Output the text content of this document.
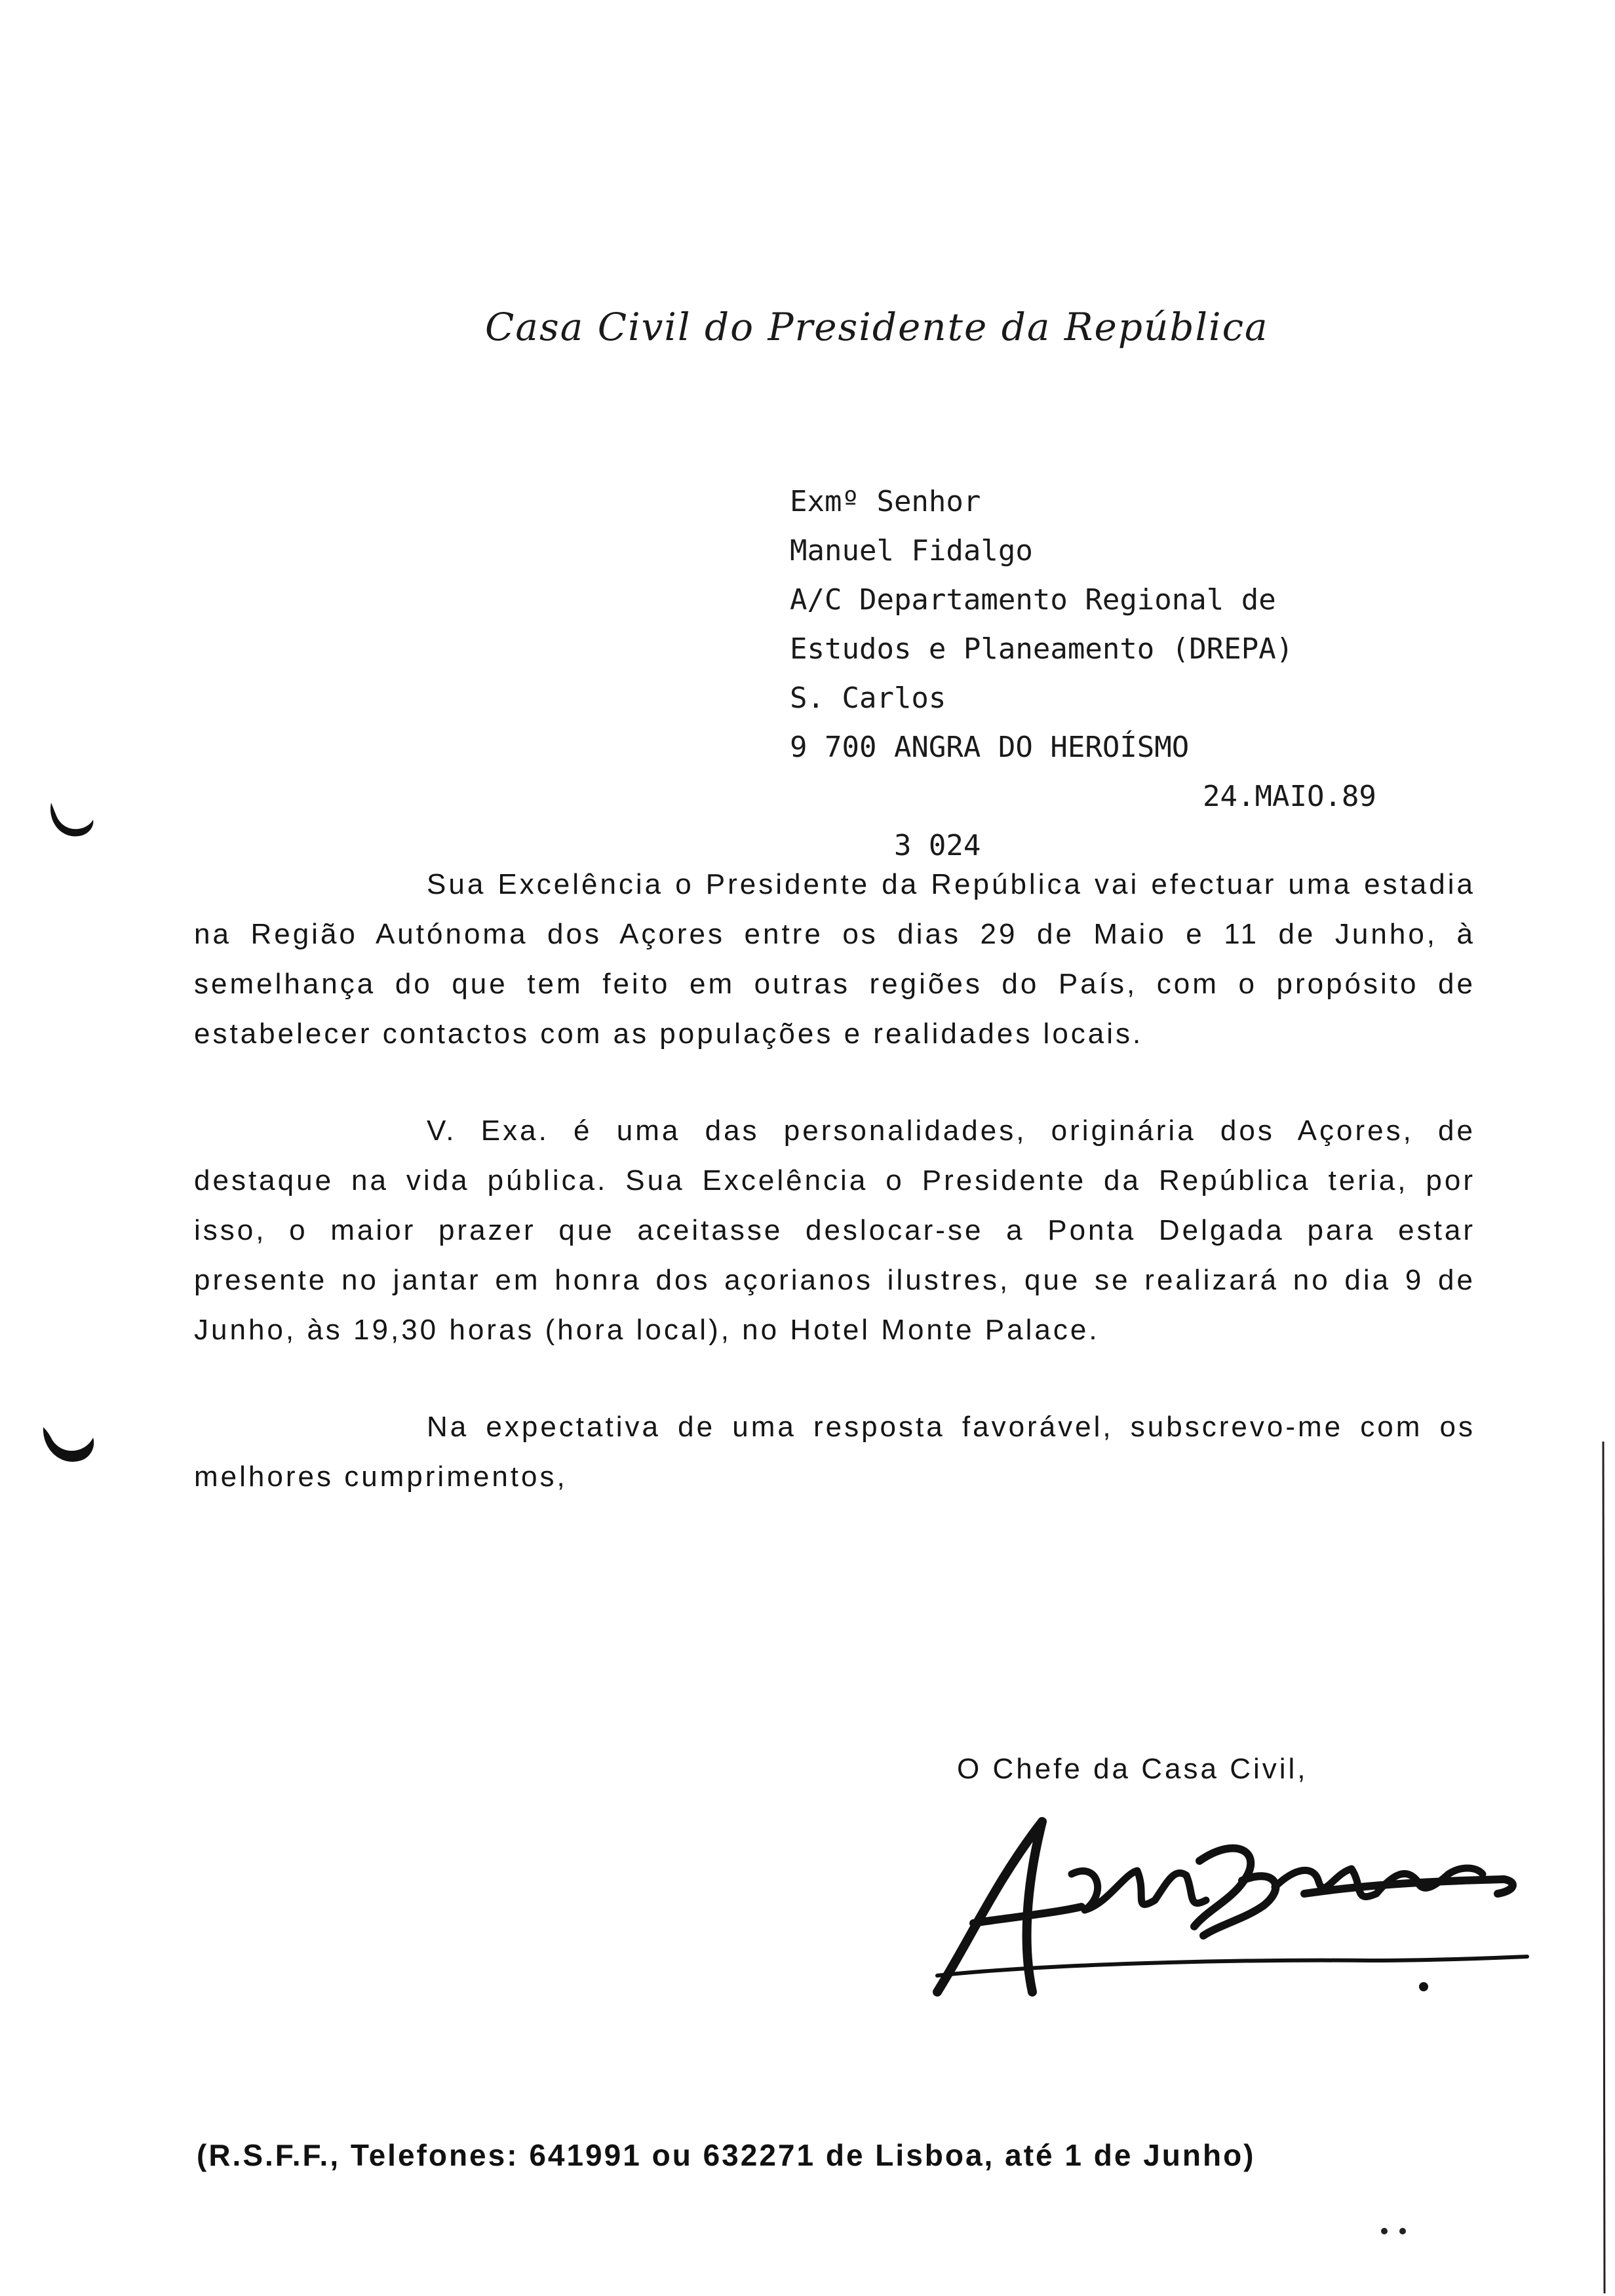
Casa Civil do Presidente da República
Exmº Senhor
Manuel Fidalgo
A/C Departamento Regional de
Estudos e Planeamento (DREPA)
S. Carlos
9 700 ANGRA DO HEROÍSMO

3 024

24.MAIO.89

Sua Excelência o Presidente da República vai efectuar uma estadia na Região Autónoma dos Açores entre os dias 29 de Maio e 11 de Junho, à semelhança do que tem feito em outras regiões do País, com o propósito de estabelecer contactos com as populações e realidades locais.

V. Exa. é uma das personalidades, originária dos Açores, de destaque na vida pública. Sua Excelência o Presidente da República teria, por isso, o maior prazer que aceitasse deslocar-se a Ponta Delgada para estar presente no jantar em honra dos açorianos ilustres, que se realizará no dia 9 de Junho, às 19,30 horas (hora local), no Hotel Monte Palace.

Na expectativa de uma resposta favorável, subscrevo-me com os melhores cumprimentos,

O Chefe da Casa Civil,
(R.S.F.F., Telefones: 641991 ou 632271 de Lisboa, até 1 de Junho)
